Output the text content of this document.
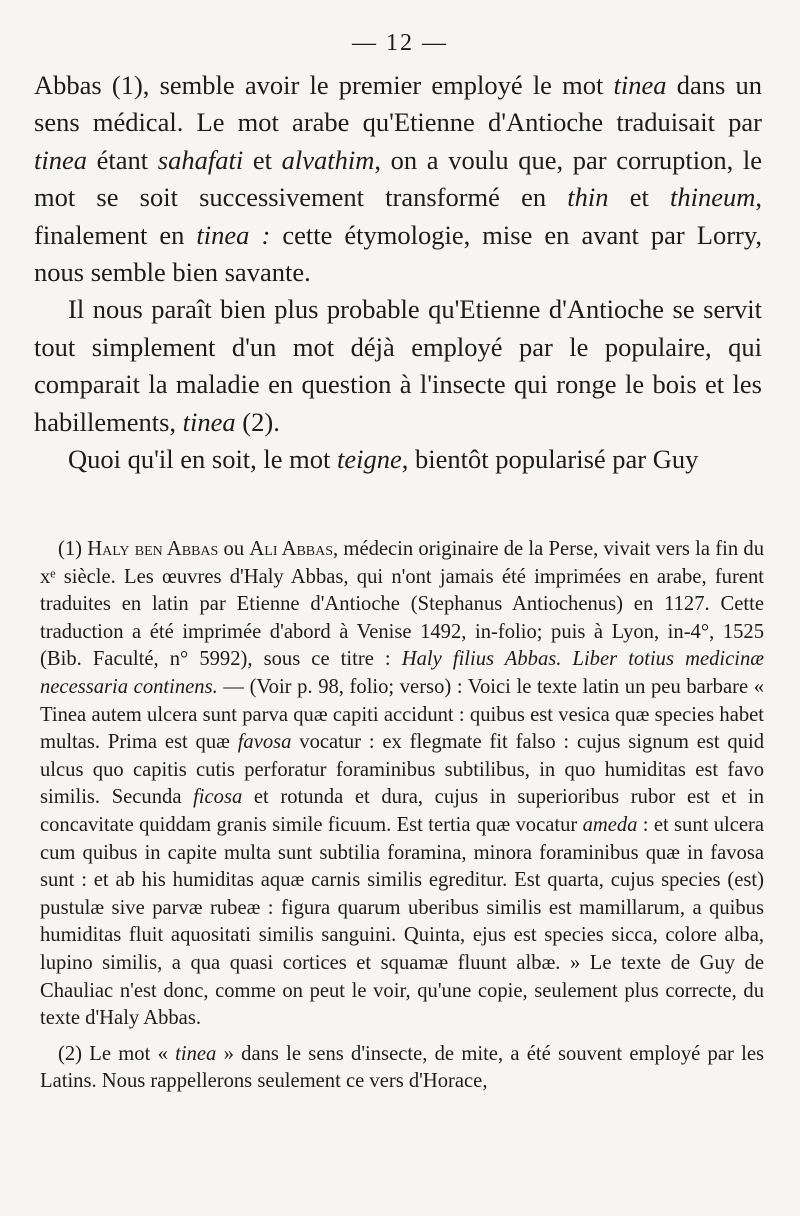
— 12 —

Abbas (1), semble avoir le premier employé le mot tinea dans un sens médical. Le mot arabe qu'Etienne d'Antioche traduisait par tinea étant sahafati et alvathim, on a voulu que, par corruption, le mot se soit successivement transformé en thin et thineum, finalement en tinea : cette étymologie, mise en avant par Lorry, nous semble bien savante.

Il nous paraît bien plus probable qu'Etienne d'Antioche se servit tout simplement d'un mot déjà employé par le populaire, qui comparait la maladie en question à l'insecte qui ronge le bois et les habillements, tinea (2).

Quoi qu'il en soit, le mot teigne, bientôt popularisé par Guy

(1) Haly ben Abbas ou Ali Abbas, médecin originaire de la Perse, vivait vers la fin du xᵉ siècle. Les œuvres d'Haly Abbas, qui n'ont jamais été imprimées en arabe, furent traduites en latin par Etienne d'Antioche (Stephanus Antiochenus) en 1127. Cette traduction a été imprimée d'abord à Venise 1492, in-folio; puis à Lyon, in-4°, 1525 (Bib. Faculté, n° 5992), sous ce titre : Haly filius Abbas. Liber totius medicinæ necessaria continens. — (Voir p. 98, folio; verso) : Voici le texte latin un peu barbare « Tinea autem ulcera sunt parva quæ capiti accidunt : quibus est vesica quæ species habet multas. Prima est quæ favosa vocatur : ex flegmate fit falso : cujus signum est quid ulcus quo capitis cutis perforatur foraminibus subtilibus, in quo humiditas est favo similis. Secunda ficosa et rotunda et dura, cujus in superioribus rubor est et in concavitate quiddam granis simile ficuum. Est tertia quæ vocatur ameda : et sunt ulcera cum quibus in capite multa sunt subtilia foramina, minora foraminibus quæ in favosa sunt : et ab his humiditas aquæ carnis similis egreditur. Est quarta, cujus species (est) pustulæ sive parvæ rubeæ : figura quarum uberibus similis est mamillarum, a quibus humiditas fluit aquositati similis sanguini. Quinta, ejus est species sicca, colore alba, lupino similis, a qua quasi cortices et squamæ fluunt albæ. » Le texte de Guy de Chauliac n'est donc, comme on peut le voir, qu'une copie, seulement plus correcte, du texte d'Haly Abbas.

(2) Le mot « tinea » dans le sens d'insecte, de mite, a été souvent employé par les Latins. Nous rappellerons seulement ce vers d'Horace,
